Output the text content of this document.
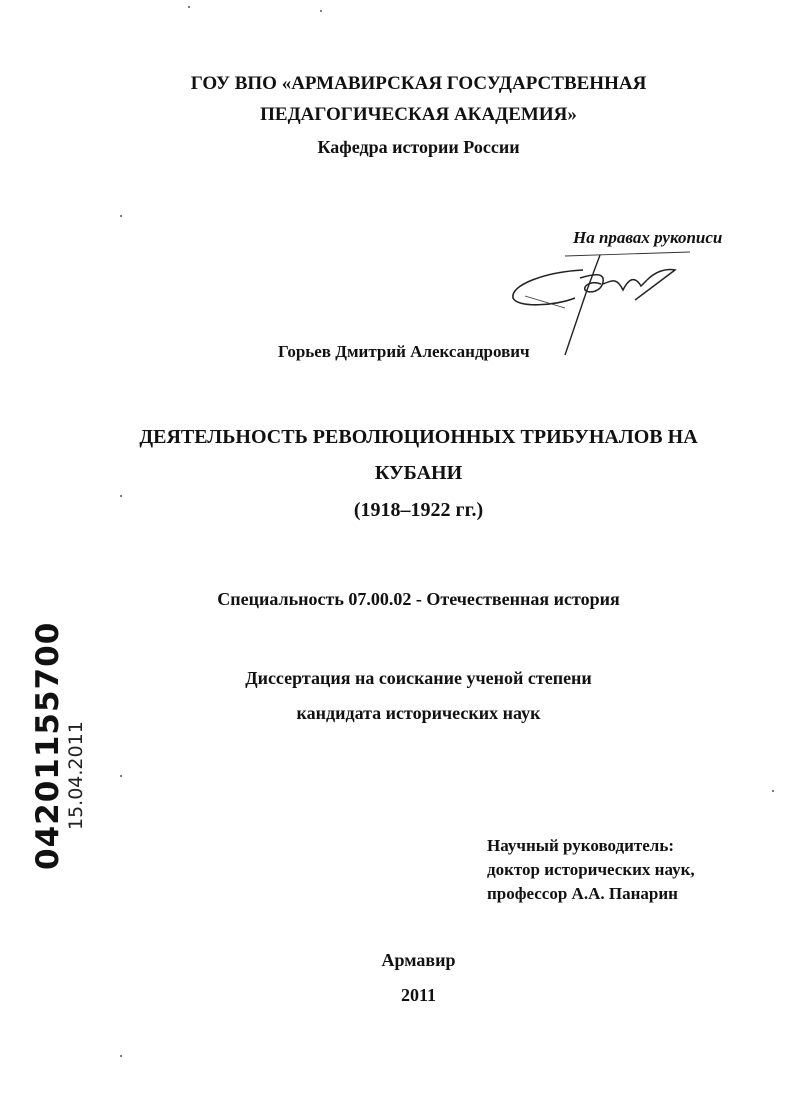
ГОУ ВПО «АРМАВИРСКАЯ ГОСУДАРСТВЕННАЯ
ПЕДАГОГИЧЕСКАЯ АКАДЕМИЯ»
Кафедра истории России
На правах рукописи
Горьев Дмитрий Александрович
ДЕЯТЕЛЬНОСТЬ РЕВОЛЮЦИОННЫХ ТРИБУНАЛОВ НА
КУБАНИ
(1918–1922 гг.)
Специальность 07.00.02 - Отечественная история
Диссертация на соискание ученой степени
кандидата исторических наук
Научный руководитель:
доктор исторических наук,
профессор А.А. Панарин
Армавир
2011
04201155700 15.04.2011
